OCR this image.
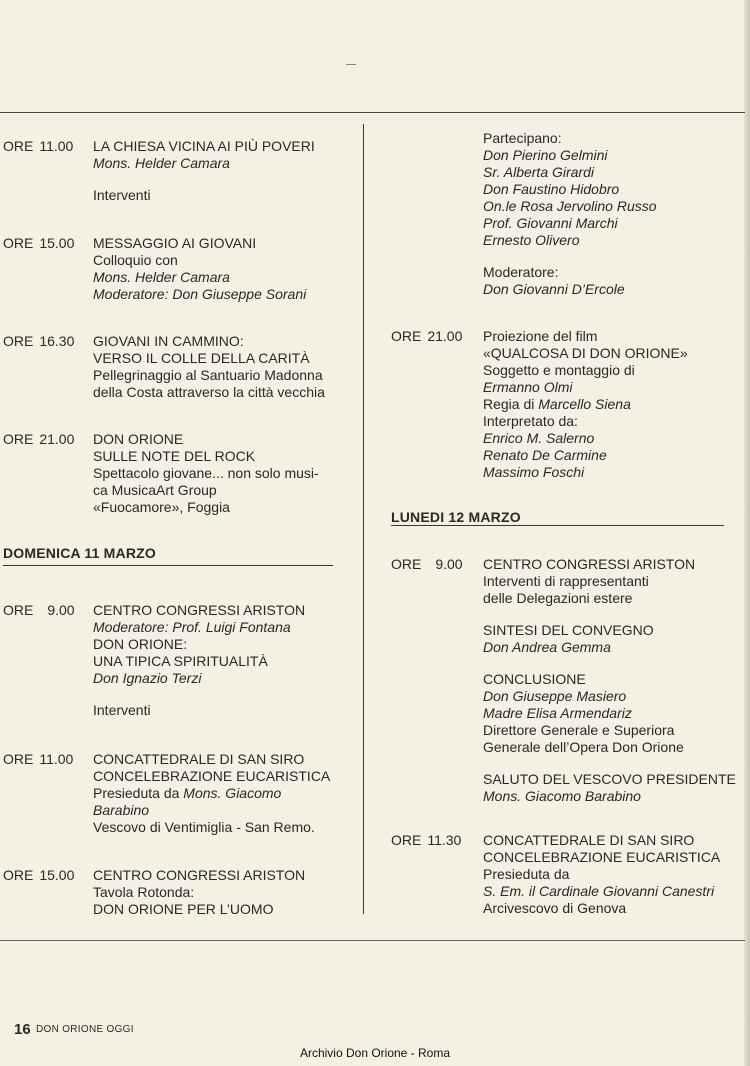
ORE 11.00 LA CHIESA VICINA AI PIÙ POVERI
Mons. Helder Camara
Interventi
ORE 15.00 MESSAGGIO AI GIOVANI
Colloquio con
Mons. Helder Camara
Moderatore: Don Giuseppe Sorani
ORE 16.30 GIOVANI IN CAMMINO:
VERSO IL COLLE DELLA CARITÀ
Pellegrinaggio al Santuario Madonna
della Costa attraverso la città vecchia
ORE 21.00 DON ORIONE
SULLE NOTE DEL ROCK
Spettacolo giovane... non solo musi-
ca MusicaArt Group
«Fuocamore», Foggia
DOMENICA 11 MARZO
ORE 9.00 CENTRO CONGRESSI ARISTON
Moderatore: Prof. Luigi Fontana
DON ORIONE:
UNA TIPICA SPIRITUALITÀ
Don Ignazio Terzi
Interventi
ORE 11.00 CONCATTEDRALE DI SAN SIRO
CONCELEBRAZIONE EUCARISTICA
Presieduta da Mons. Giacomo
Barabino
Vescovo di Ventimiglia - San Remo.
ORE 15.00 CENTRO CONGRESSI ARISTON
Tavola Rotonda:
DON ORIONE PER L’UOMO
Partecipano:
Don Pierino Gelmini
Sr. Alberta Girardi
Don Faustino Hidobro
On.le Rosa Jervolino Russo
Prof. Giovanni Marchi
Ernesto Olivero
Moderatore:
Don Giovanni D’Ercole
ORE 21.00 Proiezione del film
«QUALCOSA DI DON ORIONE»
Soggetto e montaggio di
Ermanno Olmi
Regia di Marcello Siena
Interpretato da:
Enrico M. Salerno
Renato De Carmine
Massimo Foschi
LUNEDI 12 MARZO
ORE 9.00 CENTRO CONGRESSI ARISTON
Interventi di rappresentanti
delle Delegazioni estere
SINTESI DEL CONVEGNO
Don Andrea Gemma
CONCLUSIONE
Don Giuseppe Masiero
Madre Elisa Armendariz
Direttore Generale e Superiora
Generale dell’Opera Don Orione
SALUTO DEL VESCOVO PRESIDENTE
Mons. Giacomo Barabino
ORE 11.30 CONCATTEDRALE DI SAN SIRO
CONCELEBRAZIONE EUCARISTICA
Presieduta da
S. Em. il Cardinale Giovanni Canestri
Arcivescovo di Genova
16 DON ORIONE OGGI
Archivio Don Orione - Roma
